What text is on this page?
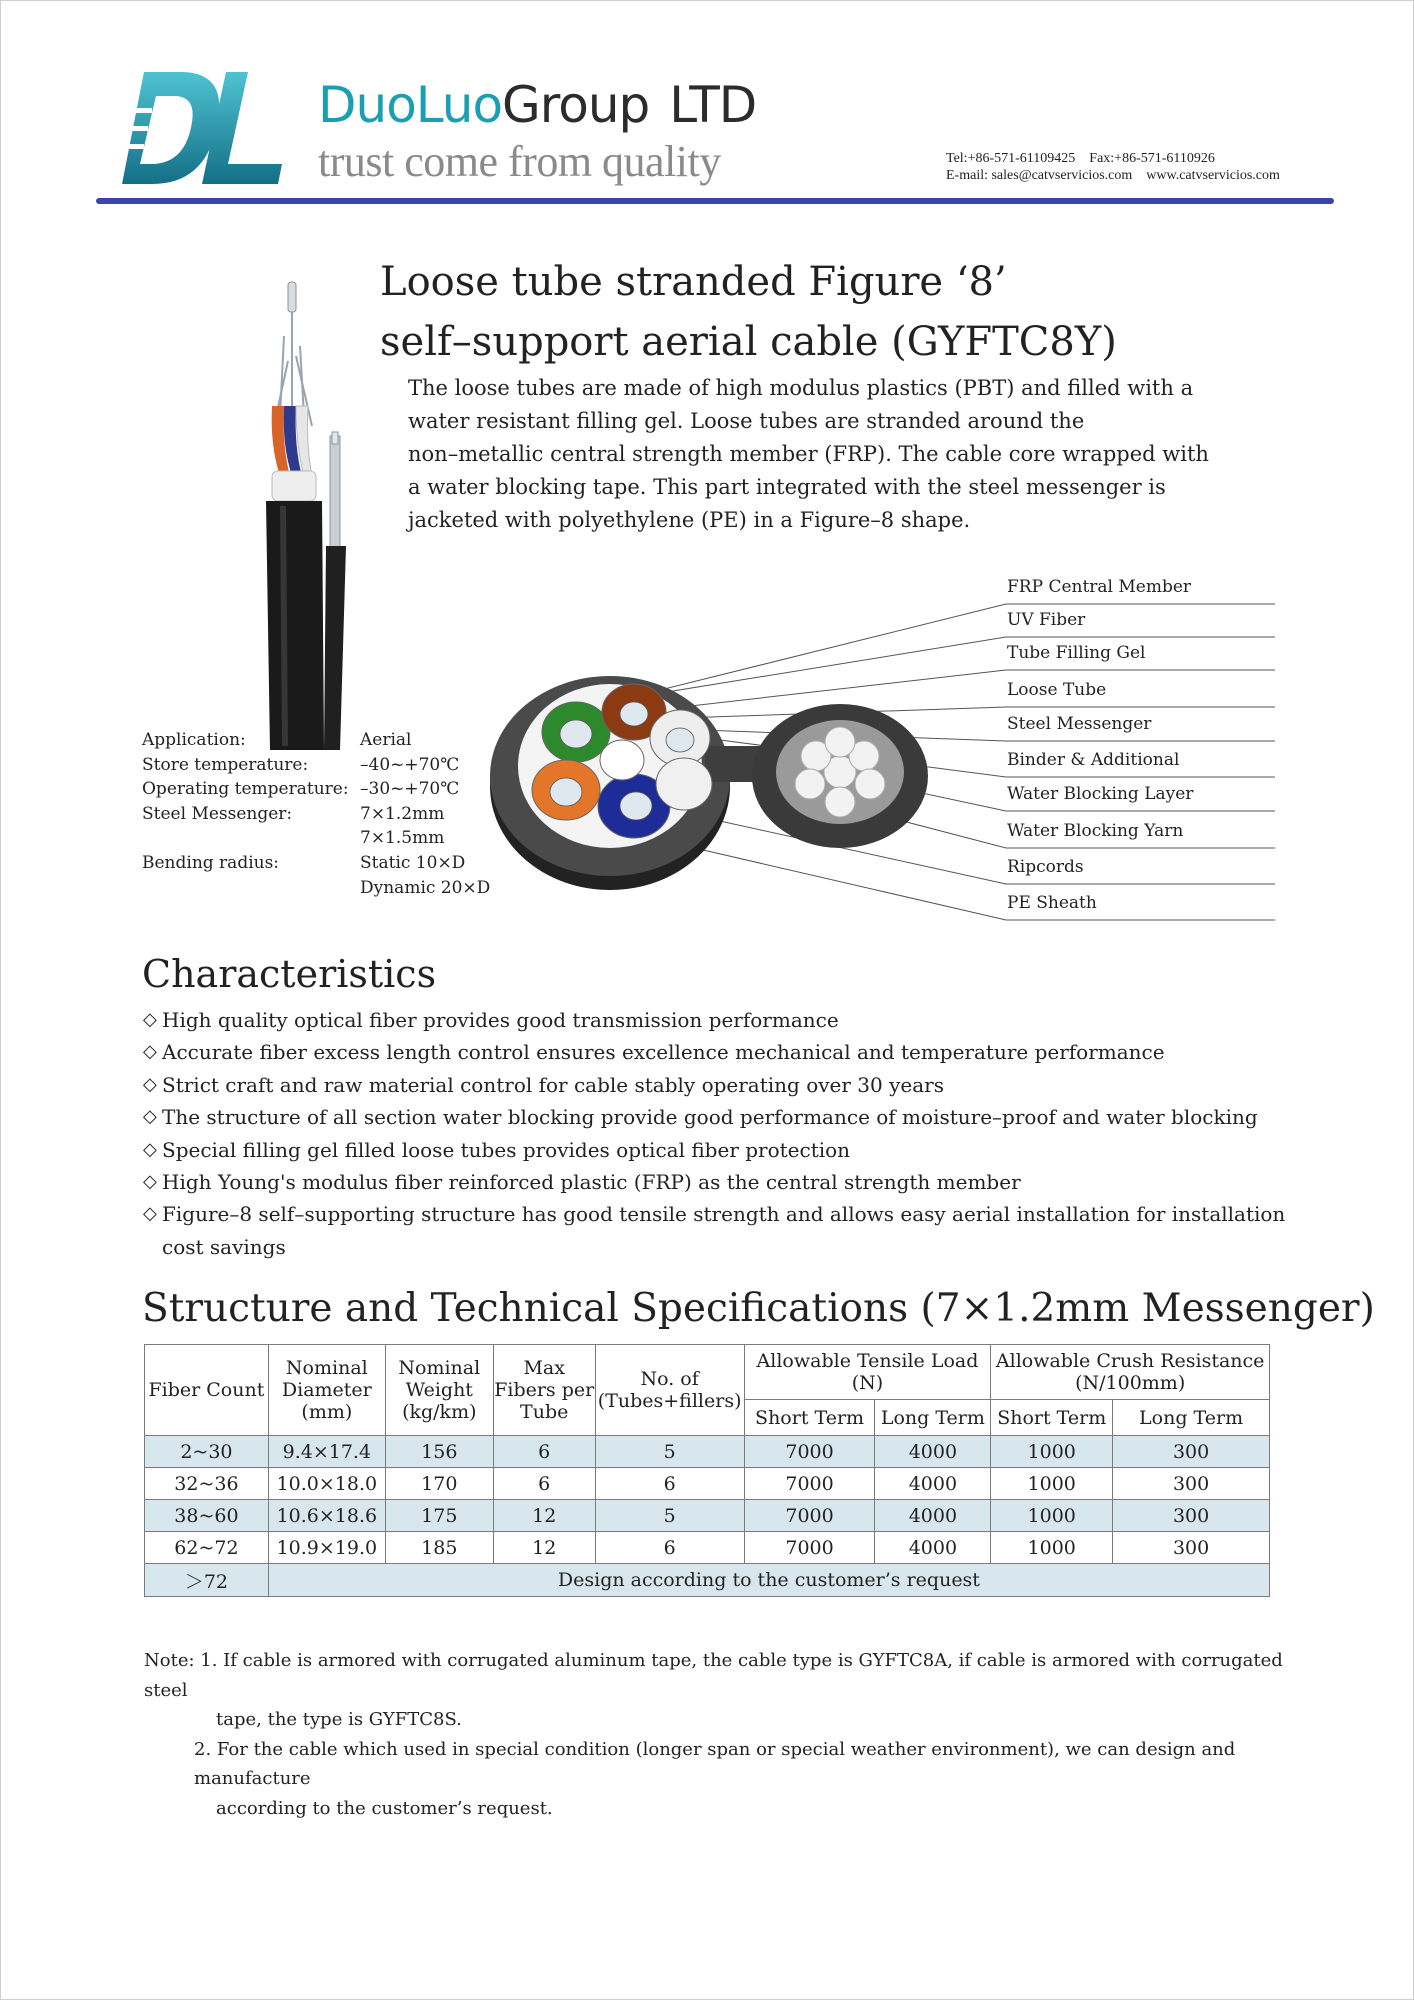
DuoLuoGroup LTD
trust come from quality	Tel:+86-571-61109425 Fax:+86-571-6110926
E-mail: sales@catvservicios.com www.catvservicios.com
Loose tube stranded Figure ‘8’
self–support aerial cable (GYFTC8Y)
The loose tubes are made of high modulus plastics (PBT) and filled with a
water resistant filling gel. Loose tubes are stranded around the
non–metallic central strength member (FRP). The cable core wrapped with
a water blocking tape. This part integrated with the steel messenger is
jacketed with polyethylene (PE) in a Figure–8 shape.
Application:	Aerial
Store temperature:	–40~+70℃
Operating temperature: –30~+70℃
Steel Messenger:	7×1.2mm
7×1.5mm
Bending radius:	Static 10×D
Dynamic 20×D
FRP Central Member
UV Fiber
Tube Filling Gel
Loose Tube
Steel Messenger
Binder & Additional
Water Blocking Layer
Water Blocking Yarn
Ripcords
PE Sheath
Characteristics
◇ High quality optical fiber provides good transmission performance
◇ Accurate fiber excess length control ensures excellence mechanical and temperature performance
◇ Strict craft and raw material control for cable stably operating over 30 years
◇ The structure of all section water blocking provide good performance of moisture–proof and water blocking
◇ Special filling gel filled loose tubes provides optical fiber protection
◇ High Young's modulus fiber reinforced plastic (FRP) as the central strength member
◇ Figure–8 self–supporting structure has good tensile strength and allows easy aerial installation for installation cost savings
Structure and Technical Specifications (7×1.2mm Messenger)
Fiber Count	Nominal Diameter (mm)	Nominal Weight (kg/km)	Max Fibers per Tube	No. of (Tubes+fillers)	Allowable Tensile Load (N)		Allowable Crush Resistance (N/100mm)	
					Short Term	Long Term	Short Term	Long Term
2~30	9.4×17.4	156	6	5	7000	4000	1000	300
32~36	10.0×18.0	170	6	6	7000	4000	1000	300
38~60	10.6×18.6	175	12	5	7000	4000	1000	300
62~72	10.9×19.0	185	12	6	7000	4000	1000	300
＞72	Design according to the customer’s request							
Note: 1. If cable is armored with corrugated aluminum tape, the cable type is GYFTC8A, if cable is armored with corrugated steel
tape, the type is GYFTC8S.
2. For the cable which used in special condition (longer span or special weather environment), we can design and manufacture
according to the customer’s request.
